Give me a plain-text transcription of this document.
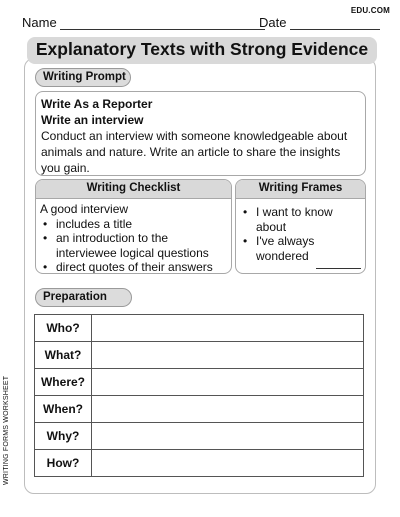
Name	Date
EDU.COM
Explanatory Texts with Strong Evidence
Writing Prompt
Write As a Reporter
Write an interview
Conduct an interview with someone knowledgeable about animals and nature. Write an article to share the insights you gain.
Writing Checklist
A good interview
• includes a title
• an introduction to the interviewee logical questions
• direct quotes of their answers
Writing Frames
• I want to know about
• I've always wondered
Preparation
Who?	
What?	
Where?	
When?	
Why?	
How?	
WRITING FORMS WORKSHEET
